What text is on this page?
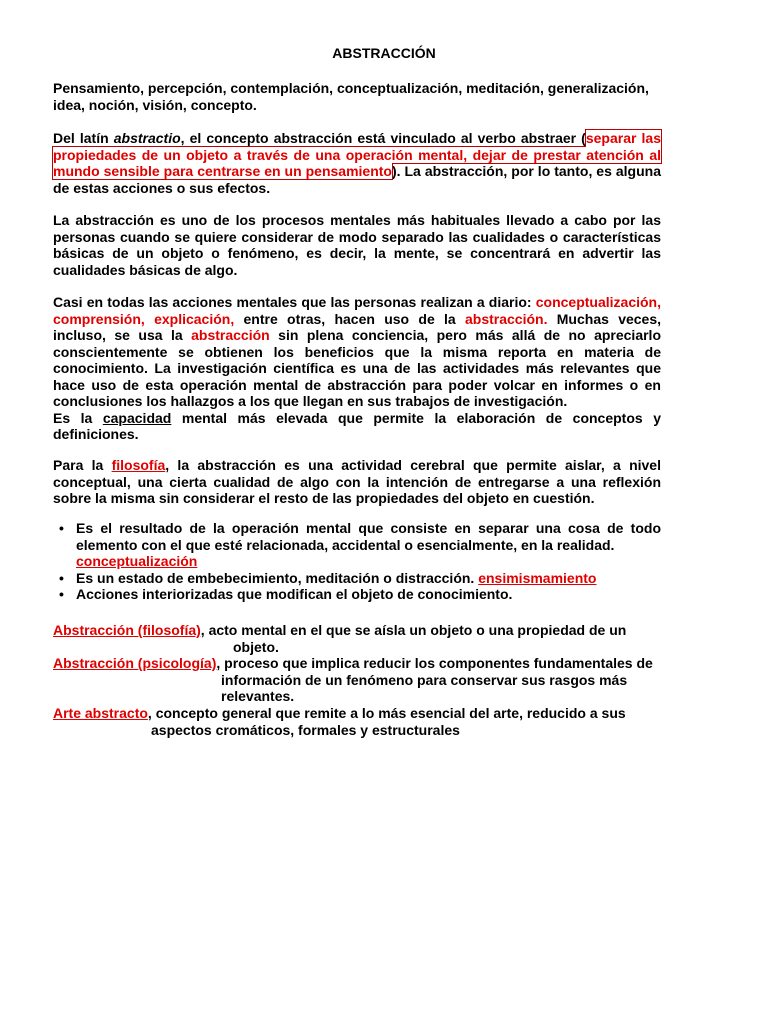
ABSTRACCIÓN
Pensamiento, percepción, contemplación, conceptualización, meditación, generalización, idea, noción, visión, concepto.
Del latín abstractio, el concepto abstracción está vinculado al verbo abstraer (separar las propiedades de un objeto a través de una operación mental, dejar de prestar atención al mundo sensible para centrarse en un pensamiento). La abstracción, por lo tanto, es alguna de estas acciones o sus efectos.
La abstracción es uno de los procesos mentales más habituales llevado a cabo por las personas cuando se quiere considerar de modo separado las cualidades o características básicas de un objeto o fenómeno, es decir, la mente, se concentrará en advertir las cualidades básicas de algo.
Casi en todas las acciones mentales que las personas realizan a diario: conceptualización, comprensión, explicación, entre otras, hacen uso de la abstracción. Muchas veces, incluso, se usa la abstracción sin plena conciencia, pero más allá de no apreciarlo conscientemente se obtienen los beneficios que la misma reporta en materia de conocimiento. La investigación científica es una de las actividades más relevantes que hace uso de esta operación mental de abstracción para poder volcar en informes o en conclusiones los hallazgos a los que llegan en sus trabajos de investigación.
Es la capacidad mental más elevada que permite la elaboración de conceptos y definiciones.
Para la filosofía, la abstracción es una actividad cerebral que permite aislar, a nivel conceptual, una cierta cualidad de algo con la intención de entregarse a una reflexión sobre la misma sin considerar el resto de las propiedades del objeto en cuestión.
• Es el resultado de la operación mental que consiste en separar una cosa de todo elemento con el que esté relacionada, accidental o esencialmente, en la realidad.
conceptualización
• Es un estado de embebecimiento, meditación o distracción. ensimismamiento
• Acciones interiorizadas que modifican el objeto de conocimiento.
Abstracción (filosofía), acto mental en el que se aísla un objeto o una propiedad de un
objeto.
Abstracción (psicología), proceso que implica reducir los componentes fundamentales de
información de un fenómeno para conservar sus rasgos más
relevantes.
Arte abstracto, concepto general que remite a lo más esencial del arte, reducido a sus
aspectos cromáticos, formales y estructurales
